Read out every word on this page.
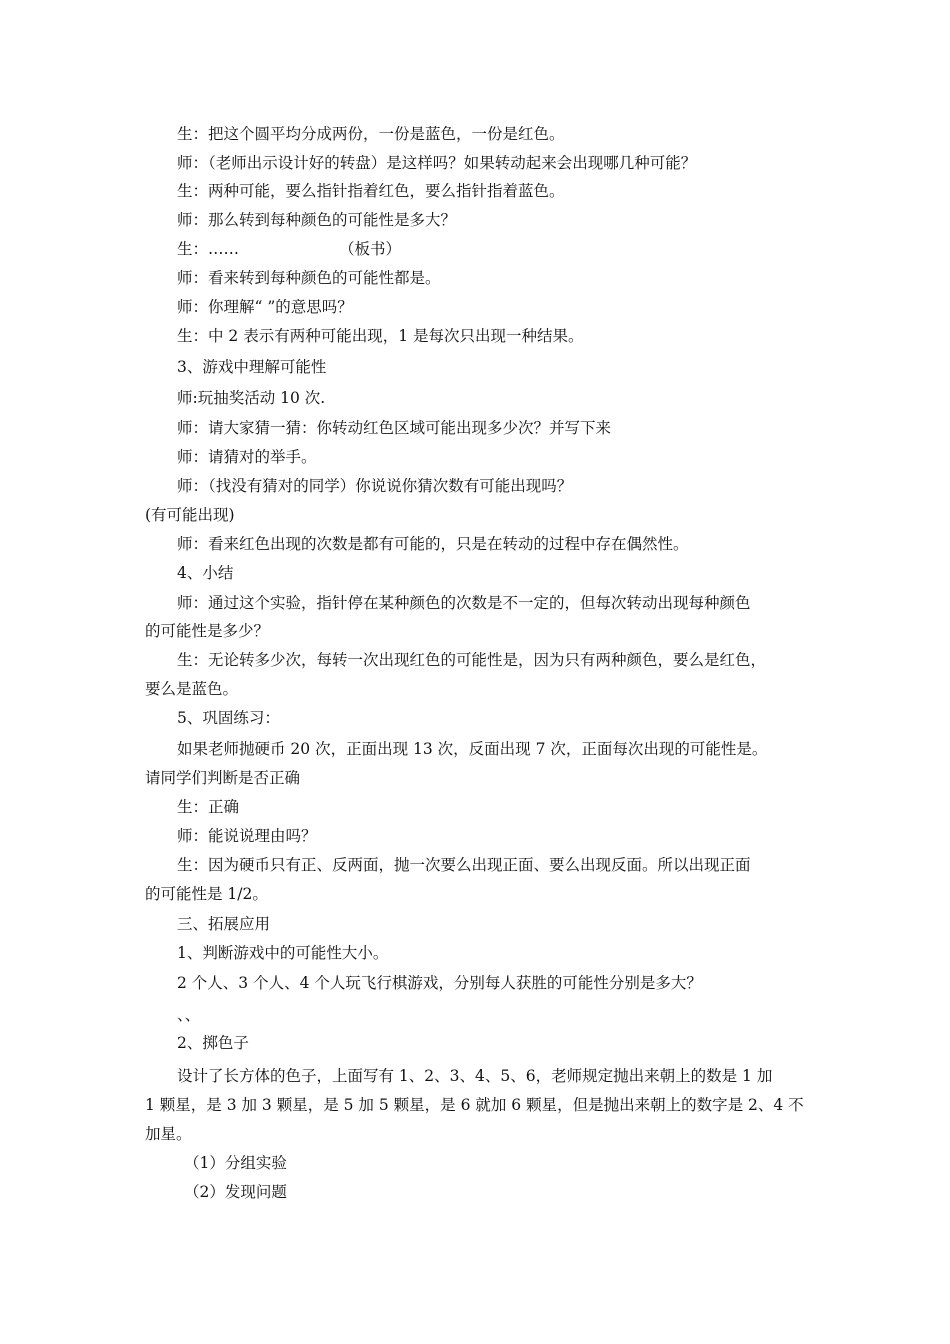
生：把这个圆平均分成两份，一份是蓝色，一份是红色。
师：（老师出示设计好的转盘）是这样吗？如果转动起来会出现哪几种可能？
生：两种可能，要么指针指着红色，要么指针指着蓝色。
师：那么转到每种颜色的可能性是多大？
生：……	（板书）
师：看来转到每种颜色的可能性都是。
师：你理解“ ”的意思吗？
生：中 2 表示有两种可能出现，1 是每次只出现一种结果。
3、游戏中理解可能性
师:玩抽奖活动 10 次.
师：请大家猜一猜：你转动红色区域可能出现多少次？并写下来
师：请猜对的举手。
师：（找没有猜对的同学）你说说你猜次数有可能出现吗？
(有可能出现)
师：看来红色出现的次数是都有可能的，只是在转动的过程中存在偶然性。
4、小结
师：通过这个实验，指针停在某种颜色的次数是不一定的，但每次转动出现每种颜色
的可能性是多少？
生：无论转多少次，每转一次出现红色的可能性是，因为只有两种颜色，要么是红色，
要么是蓝色。
5、巩固练习：
如果老师抛硬币 20 次，正面出现 13 次，反面出现 7 次，正面每次出现的可能性是。
请同学们判断是否正确
生：正确
师：能说说理由吗？
生：因为硬币只有正、反两面，抛一次要么出现正面、要么出现反面。所以出现正面
的可能性是 1/2。
三、拓展应用
1、判断游戏中的可能性大小。
2 个人、3 个人、4 个人玩飞行棋游戏，分别每人获胜的可能性分别是多大？
、、
2、掷色子
设计了长方体的色子，上面写有 1、2、3、4、5、6，老师规定抛出来朝上的数是 1 加
1 颗星，是 3 加 3 颗星，是 5 加 5 颗星，是 6 就加 6 颗星，但是抛出来朝上的数字是 2、4 不
加星。
（1）分组实验
（2）发现问题
